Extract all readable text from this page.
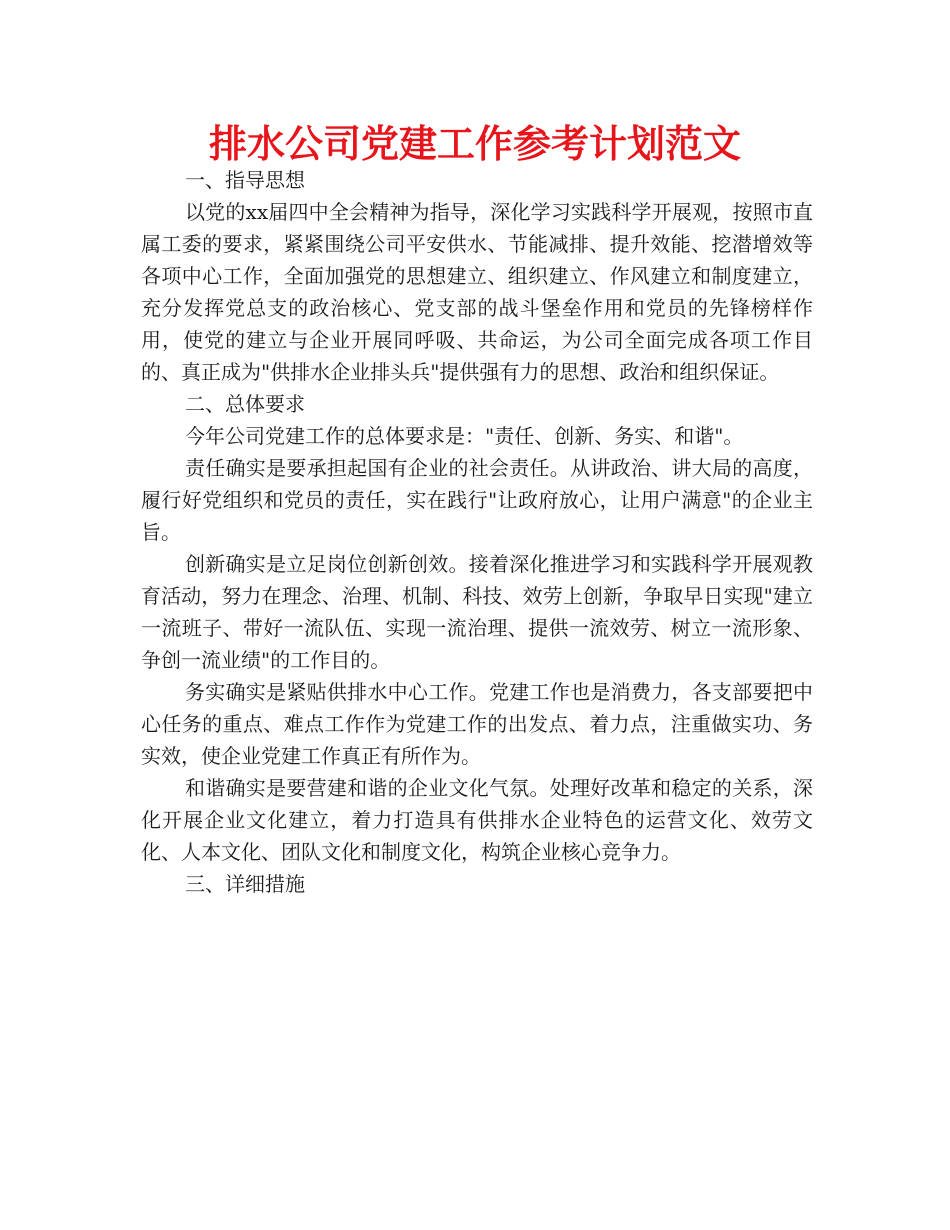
排水公司党建工作参考计划范文
一、指导思想

以党的xx届四中全会精神为指导，深化学习实践科学开展观，按照市直属工委的要求，紧紧围绕公司平安供水、节能减排、提升效能、挖潜增效等各项中心工作，全面加强党的思想建立、组织建立、作风建立和制度建立，充分发挥党总支的政治核心、党支部的战斗堡垒作用和党员的先锋榜样作用，使党的建立与企业开展同呼吸、共命运，为公司全面完成各项工作目的、真正成为"供排水企业排头兵"提供强有力的思想、政治和组织保证。

二、总体要求

今年公司党建工作的总体要求是："责任、创新、务实、和谐"。

责任确实是要承担起国有企业的社会责任。从讲政治、讲大局的高度，履行好党组织和党员的责任，实在践行"让政府放心，让用户满意"的企业主旨。

创新确实是立足岗位创新创效。接着深化推进学习和实践科学开展观教育活动，努力在理念、治理、机制、科技、效劳上创新，争取早日实现"建立一流班子、带好一流队伍、实现一流治理、提供一流效劳、树立一流形象、争创一流业绩"的工作目的。

务实确实是紧贴供排水中心工作。党建工作也是消费力，各支部要把中心任务的重点、难点工作作为党建工作的出发点、着力点，注重做实功、务实效，使企业党建工作真正有所作为。

和谐确实是要营建和谐的企业文化气氛。处理好改革和稳定的关系，深化开展企业文化建立，着力打造具有供排水企业特色的运营文化、效劳文化、人本文化、团队文化和制度文化，构筑企业核心竞争力。

三、详细措施
